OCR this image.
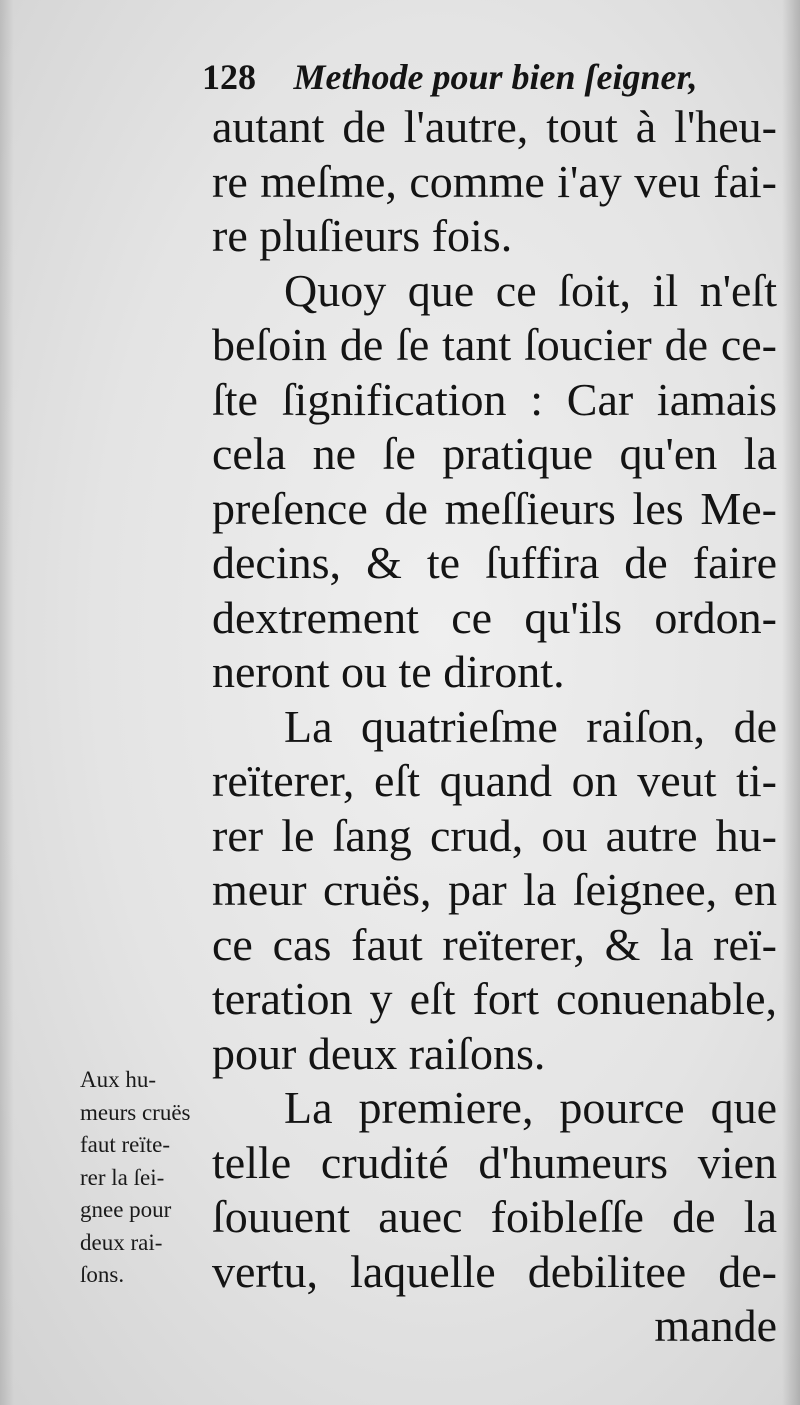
128 Methode pour bien ſeigner,
autant de l'autre, tout à l'heu-
re meſme, comme i'ay veu fai-
re pluſieurs fois.
Quoy que ce ſoit, il n'eſt
beſoin de ſe tant ſoucier de ce-
ſte ſignification : Car iamais
cela ne ſe pratique qu'en la
preſence de meſſieurs les Me-
decins, & te ſuffira de faire
dextrement ce qu'ils ordon-
neront ou te diront.
La quatrieſme raiſon, de
reïterer, eſt quand on veut ti-
rer le ſang crud, ou autre hu-
meur cruës, par la ſeignee, en
ce cas faut reïterer, & la reï-
teration y eſt fort conuenable,
pour deux raiſons.
La premiere, pource que
telle crudité d'humeurs vien
ſouuent auec foibleſſe de la
vertu, laquelle debilitee de-
mande
Aux hu-
meurs cruës
faut reïte-
rer la ſei-
gnee pour
deux rai-
ſons.
